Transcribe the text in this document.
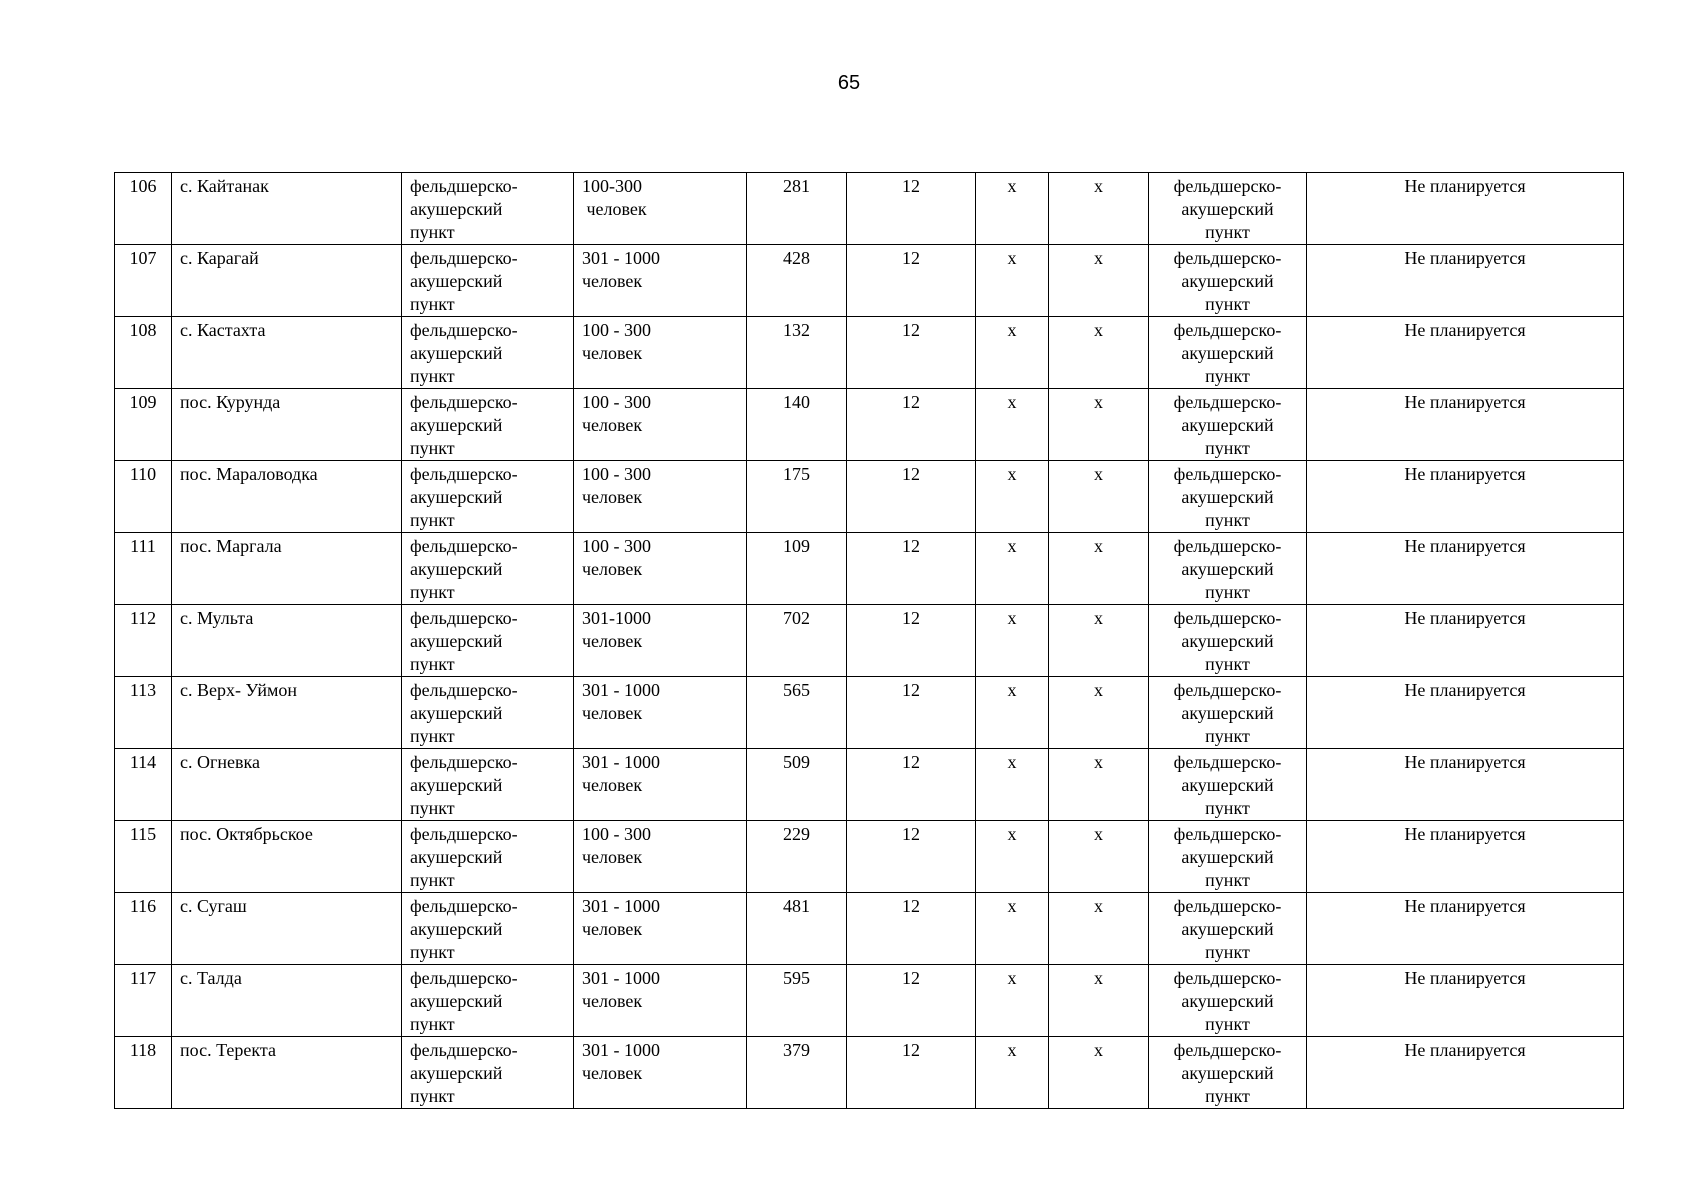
65
106	с. Кайтанак	фельдшерско-
акушерский
пункт	100-300
человек	281	12	х	х	фельдшерско-
акушерский
пункт	Не планируется
107	с. Карагай	фельдшерско-
акушерский
пункт	301 - 1000
человек	428	12	х	х	фельдшерско-
акушерский
пункт	Не планируется
108	с. Кастахта	фельдшерско-
акушерский
пункт	100 - 300
человек	132	12	х	х	фельдшерско-
акушерский
пункт	Не планируется
109	пос. Курунда	фельдшерско-
акушерский
пункт	100 - 300
человек	140	12	х	х	фельдшерско-
акушерский
пункт	Не планируется
110	пос. Мараловодка	фельдшерско-
акушерский
пункт	100 - 300
человек	175	12	х	х	фельдшерско-
акушерский
пункт	Не планируется
111	пос. Маргала	фельдшерско-
акушерский
пункт	100 - 300
человек	109	12	х	х	фельдшерско-
акушерский
пункт	Не планируется
112	с. Мульта	фельдшерско-
акушерский
пункт	301-1000
человек	702	12	х	х	фельдшерско-
акушерский
пункт	Не планируется
113	с. Верх- Уймон	фельдшерско-
акушерский
пункт	301 - 1000
человек	565	12	х	х	фельдшерско-
акушерский
пункт	Не планируется
114	с. Огневка	фельдшерско-
акушерский
пункт	301 - 1000
человек	509	12	х	х	фельдшерско-
акушерский
пункт	Не планируется
115	пос. Октябрьское	фельдшерско-
акушерский
пункт	100 - 300
человек	229	12	х	х	фельдшерско-
акушерский
пункт	Не планируется
116	с. Сугаш	фельдшерско-
акушерский
пункт	301 - 1000
человек	481	12	х	х	фельдшерско-
акушерский
пункт	Не планируется
117	с. Талда	фельдшерско-
акушерский
пункт	301 - 1000
человек	595	12	х	х	фельдшерско-
акушерский
пункт	Не планируется
118	пос. Теректа	фельдшерско-
акушерский
пункт	301 - 1000
человек	379	12	х	х	фельдшерско-
акушерский
пункт	Не планируется
